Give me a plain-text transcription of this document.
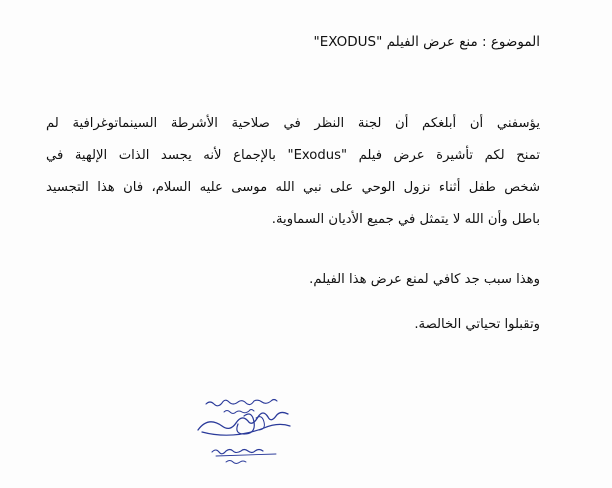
الموضوع : منع عرض الفيلم "EXODUS"
يؤسفني أن أبلغكم أن لجنة النظر في صلاحية الأشرطة السينماتوغرافية لم
تمنح لكم تأشيرة عرض فيلم "Exodus" بالإجماع لأنه يجسد الذات الإلهية في
شخص طفل أثناء نزول الوحي على نبي الله موسى عليه السلام، فان هذا التجسيد
باطل وأن الله لا يتمثل في جميع الأديان السماوية.
وهذا سبب جد كافي لمنع عرض هذا الفيلم.
وتقبلوا تحياتي الخالصة.
